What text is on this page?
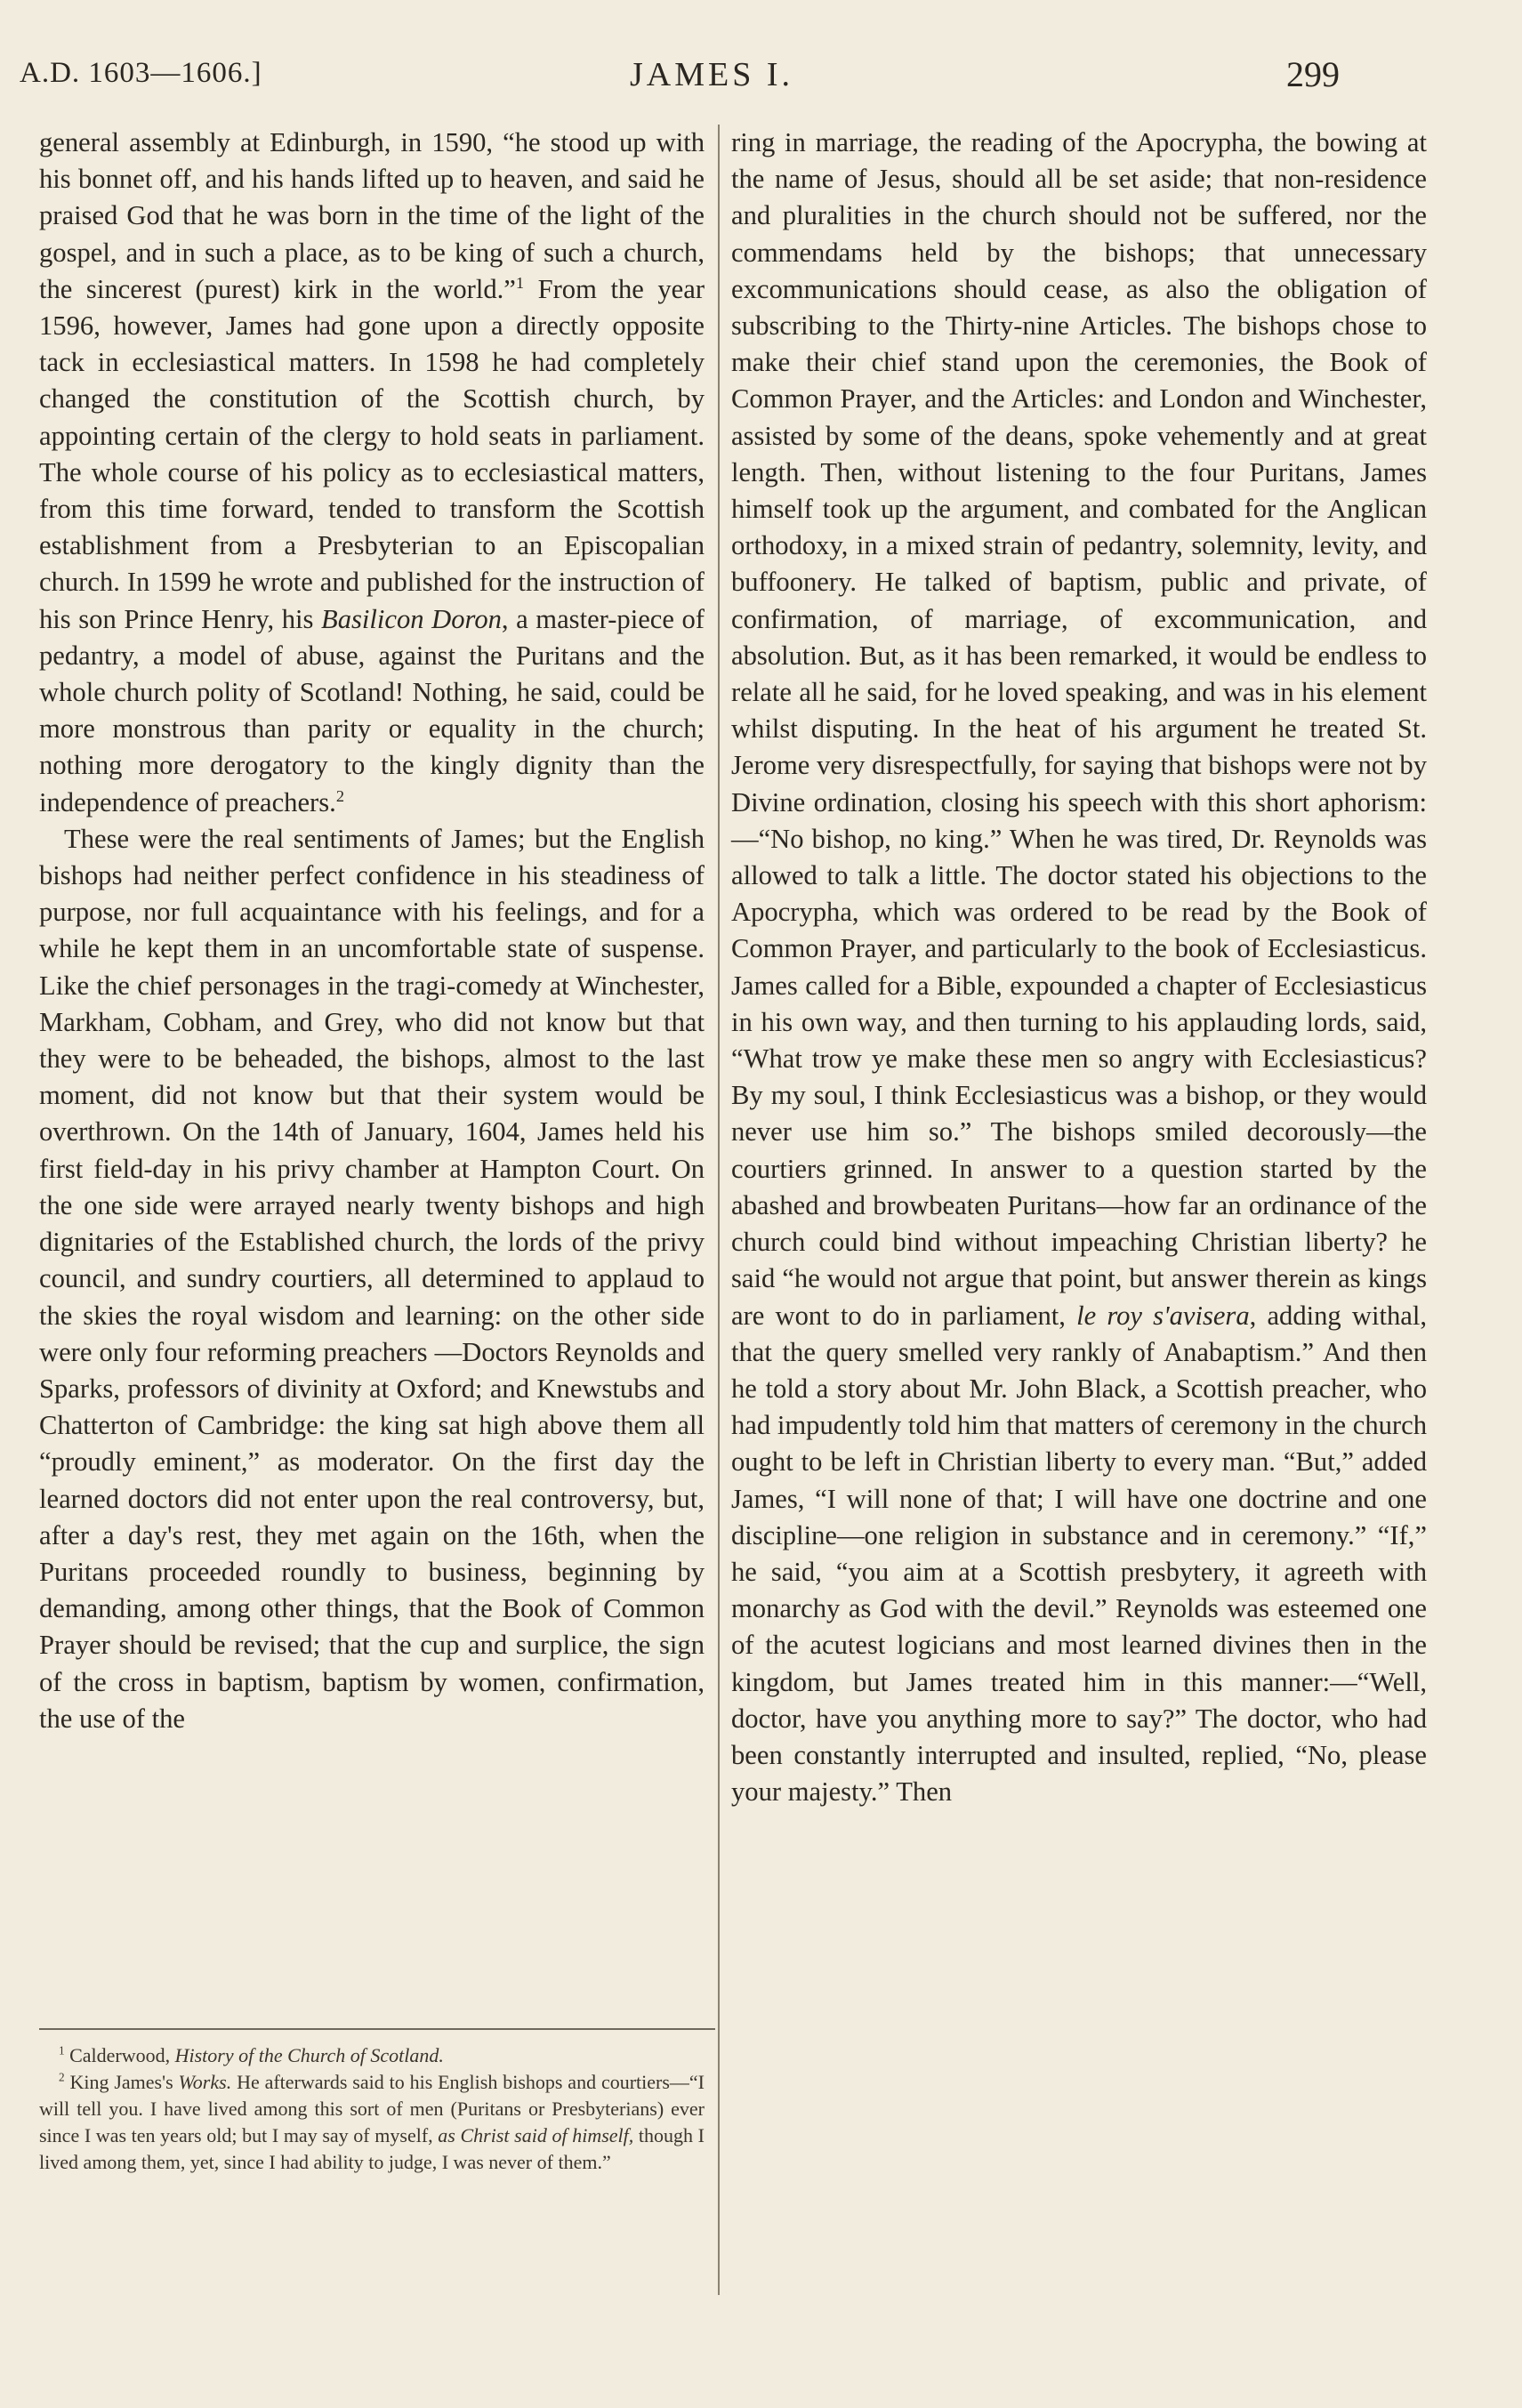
A.D. 1603—1606.]	JAMES I.	299

general assembly at Edinburgh, in 1590, “he stood up with his bonnet off, and his hands lifted up to heaven, and said he praised God that he was born in the time of the light of the gospel, and in such a place, as to be king of such a church, the sincerest (purest) kirk in the world.”$^1$ From the year 1596, however, James had gone upon a directly opposite tack in ecclesiastical matters. In 1598 he had completely changed the constitution of the Scottish church, by appointing certain of the clergy to hold seats in parliament. The whole course of his policy as to ecclesiastical matters, from this time forward, tended to transform the Scottish establishment from a Presbyterian to an Episcopalian church. In 1599 he wrote and published for the instruction of his son Prince Henry, his Basilicon Doron, a master-piece of pedantry, a model of abuse, against the Puritans and the whole church polity of Scotland! Nothing, he said, could be more monstrous than parity or equality in the church; nothing more derogatory to the kingly dignity than the independence of preachers.$^2$

These were the real sentiments of James; but the English bishops had neither perfect confidence in his steadiness of purpose, nor full acquaintance with his feelings, and for a while he kept them in an uncomfortable state of suspense. Like the chief personages in the tragi-comedy at Winchester, Markham, Cobham, and Grey, who did not know but that they were to be beheaded, the bishops, almost to the last moment, did not know but that their system would be overthrown. On the 14th of January, 1604, James held his first field-day in his privy chamber at Hampton Court. On the one side were arrayed nearly twenty bishops and high dignitaries of the Established church, the lords of the privy council, and sundry courtiers, all determined to applaud to the skies the royal wisdom and learning: on the other side were only four reforming preachers —Doctors Reynolds and Sparks, professors of divinity at Oxford; and Knewstubs and Chatterton of Cambridge: the king sat high above them all “proudly eminent,” as moderator. On the first day the learned doctors did not enter upon the real controversy, but, after a day's rest, they met again on the 16th, when the Puritans proceeded roundly to business, beginning by demanding, among other things, that the Book of Common Prayer should be revised; that the cup and surplice, the sign of the cross in baptism, baptism by women, confirmation, the use of the

ring in marriage, the reading of the Apocrypha, the bowing at the name of Jesus, should all be set aside; that non-residence and pluralities in the church should not be suffered, nor the commendams held by the bishops; that unnecessary excommunications should cease, as also the obligation of subscribing to the Thirty-nine Articles. The bishops chose to make their chief stand upon the ceremonies, the Book of Common Prayer, and the Articles: and London and Winchester, assisted by some of the deans, spoke vehemently and at great length. Then, without listening to the four Puritans, James himself took up the argument, and combated for the Anglican orthodoxy, in a mixed strain of pedantry, solemnity, levity, and buffoonery. He talked of baptism, public and private, of confirmation, of marriage, of excommunication, and absolution. But, as it has been remarked, it would be endless to relate all he said, for he loved speaking, and was in his element whilst disputing. In the heat of his argument he treated St. Jerome very disrespectfully, for saying that bishops were not by Divine ordination, closing his speech with this short aphorism:—“No bishop, no king.” When he was tired, Dr. Reynolds was allowed to talk a little. The doctor stated his objections to the Apocrypha, which was ordered to be read by the Book of Common Prayer, and particularly to the book of Ecclesiasticus. James called for a Bible, expounded a chapter of Ecclesiasticus in his own way, and then turning to his applauding lords, said, “What trow ye make these men so angry with Ecclesiasticus? By my soul, I think Ecclesiasticus was a bishop, or they would never use him so.” The bishops smiled decorously—the courtiers grinned. In answer to a question started by the abashed and browbeaten Puritans—how far an ordinance of the church could bind without impeaching Christian liberty? he said “he would not argue that point, but answer therein as kings are wont to do in parliament, le roy s'avisera, adding withal, that the query smelled very rankly of Anabaptism.” And then he told a story about Mr. John Black, a Scottish preacher, who had impudently told him that matters of ceremony in the church ought to be left in Christian liberty to every man. “But,” added James, “I will none of that; I will have one doctrine and one discipline—one religion in substance and in ceremony.” “If,” he said, “you aim at a Scottish presbytery, it agreeth with monarchy as God with the devil.” Reynolds was esteemed one of the acutest logicians and most learned divines then in the kingdom, but James treated him in this manner:—“Well, doctor, have you anything more to say?” The doctor, who had been constantly interrupted and insulted, replied, “No, please your majesty.” Then

$^1$ Calderwood, History of the Church of Scotland.

$^2$ King James's Works. He afterwards said to his English bishops and courtiers—“I will tell you. I have lived among this sort of men (Puritans or Presbyterians) ever since I was ten years old; but I may say of myself, as Christ said of himself, though I lived among them, yet, since I had ability to judge, I was never of them.”
